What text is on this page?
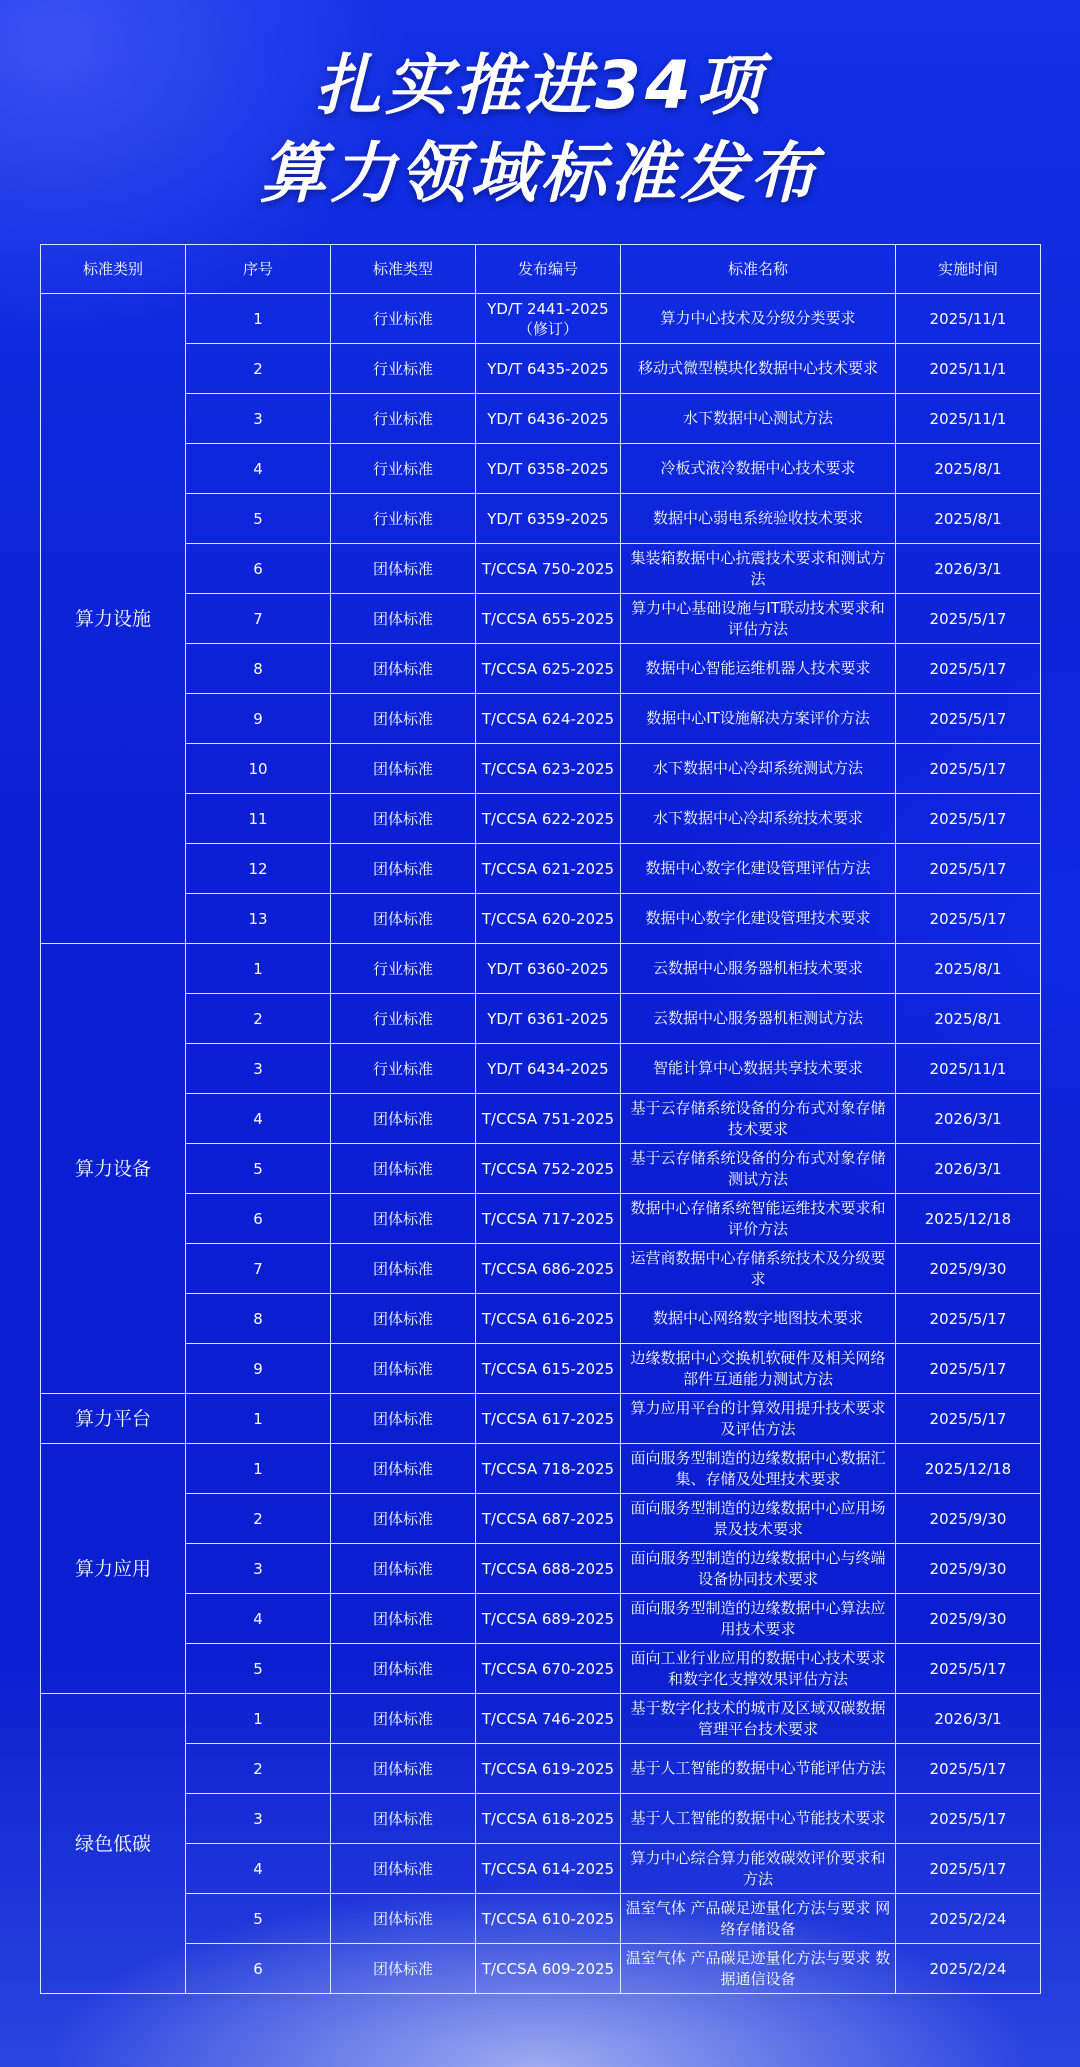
扎实推进34项
算力领域标准发布
标准类别	序号	标准类型	发布编号	标准名称	实施时间
算力设施	1	行业标准	YD/T 2441-2025（修订）	算力中心技术及分级分类要求	2025/11/1
	2	行业标准	YD/T 6435-2025	移动式微型模块化数据中心技术要求	2025/11/1
	3	行业标准	YD/T 6436-2025	水下数据中心测试方法	2025/11/1
	4	行业标准	YD/T 6358-2025	冷板式液冷数据中心技术要求	2025/8/1
	5	行业标准	YD/T 6359-2025	数据中心弱电系统验收技术要求	2025/8/1
	6	团体标准	T/CCSA 750-2025	集装箱数据中心抗震技术要求和测试方法	2026/3/1
	7	团体标准	T/CCSA 655-2025	算力中心基础设施与IT联动技术要求和评估方法	2025/5/17
	8	团体标准	T/CCSA 625-2025	数据中心智能运维机器人技术要求	2025/5/17
	9	团体标准	T/CCSA 624-2025	数据中心IT设施解决方案评价方法	2025/5/17
	10	团体标准	T/CCSA 623-2025	水下数据中心冷却系统测试方法	2025/5/17
	11	团体标准	T/CCSA 622-2025	水下数据中心冷却系统技术要求	2025/5/17
	12	团体标准	T/CCSA 621-2025	数据中心数字化建设管理评估方法	2025/5/17
	13	团体标准	T/CCSA 620-2025	数据中心数字化建设管理技术要求	2025/5/17
算力设备	1	行业标准	YD/T 6360-2025	云数据中心服务器机柜技术要求	2025/8/1
	2	行业标准	YD/T 6361-2025	云数据中心服务器机柜测试方法	2025/8/1
	3	行业标准	YD/T 6434-2025	智能计算中心数据共享技术要求	2025/11/1
	4	团体标准	T/CCSA 751-2025	基于云存储系统设备的分布式对象存储技术要求	2026/3/1
	5	团体标准	T/CCSA 752-2025	基于云存储系统设备的分布式对象存储测试方法	2026/3/1
	6	团体标准	T/CCSA 717-2025	数据中心存储系统智能运维技术要求和评价方法	2025/12/18
	7	团体标准	T/CCSA 686-2025	运营商数据中心存储系统技术及分级要求	2025/9/30
	8	团体标准	T/CCSA 616-2025	数据中心网络数字地图技术要求	2025/5/17
	9	团体标准	T/CCSA 615-2025	边缘数据中心交换机软硬件及相关网络部件互通能力测试方法	2025/5/17
算力平台	1	团体标准	T/CCSA 617-2025	算力应用平台的计算效用提升技术要求及评估方法	2025/5/17
算力应用	1	团体标准	T/CCSA 718-2025	面向服务型制造的边缘数据中心数据汇集、存储及处理技术要求	2025/12/18
	2	团体标准	T/CCSA 687-2025	面向服务型制造的边缘数据中心应用场景及技术要求	2025/9/30
	3	团体标准	T/CCSA 688-2025	面向服务型制造的边缘数据中心与终端设备协同技术要求	2025/9/30
	4	团体标准	T/CCSA 689-2025	面向服务型制造的边缘数据中心算法应用技术要求	2025/9/30
	5	团体标准	T/CCSA 670-2025	面向工业行业应用的数据中心技术要求和数字化支撑效果评估方法	2025/5/17
绿色低碳	1	团体标准	T/CCSA 746-2025	基于数字化技术的城市及区域双碳数据管理平台技术要求	2026/3/1
	2	团体标准	T/CCSA 619-2025	基于人工智能的数据中心节能评估方法	2025/5/17
	3	团体标准	T/CCSA 618-2025	基于人工智能的数据中心节能技术要求	2025/5/17
	4	团体标准	T/CCSA 614-2025	算力中心综合算力能效碳效评价要求和方法	2025/5/17
	5	团体标准	T/CCSA 610-2025	温室气体 产品碳足迹量化方法与要求 网络存储设备	2025/2/24
	6	团体标准	T/CCSA 609-2025	温室气体 产品碳足迹量化方法与要求 数据通信设备	2025/2/24
